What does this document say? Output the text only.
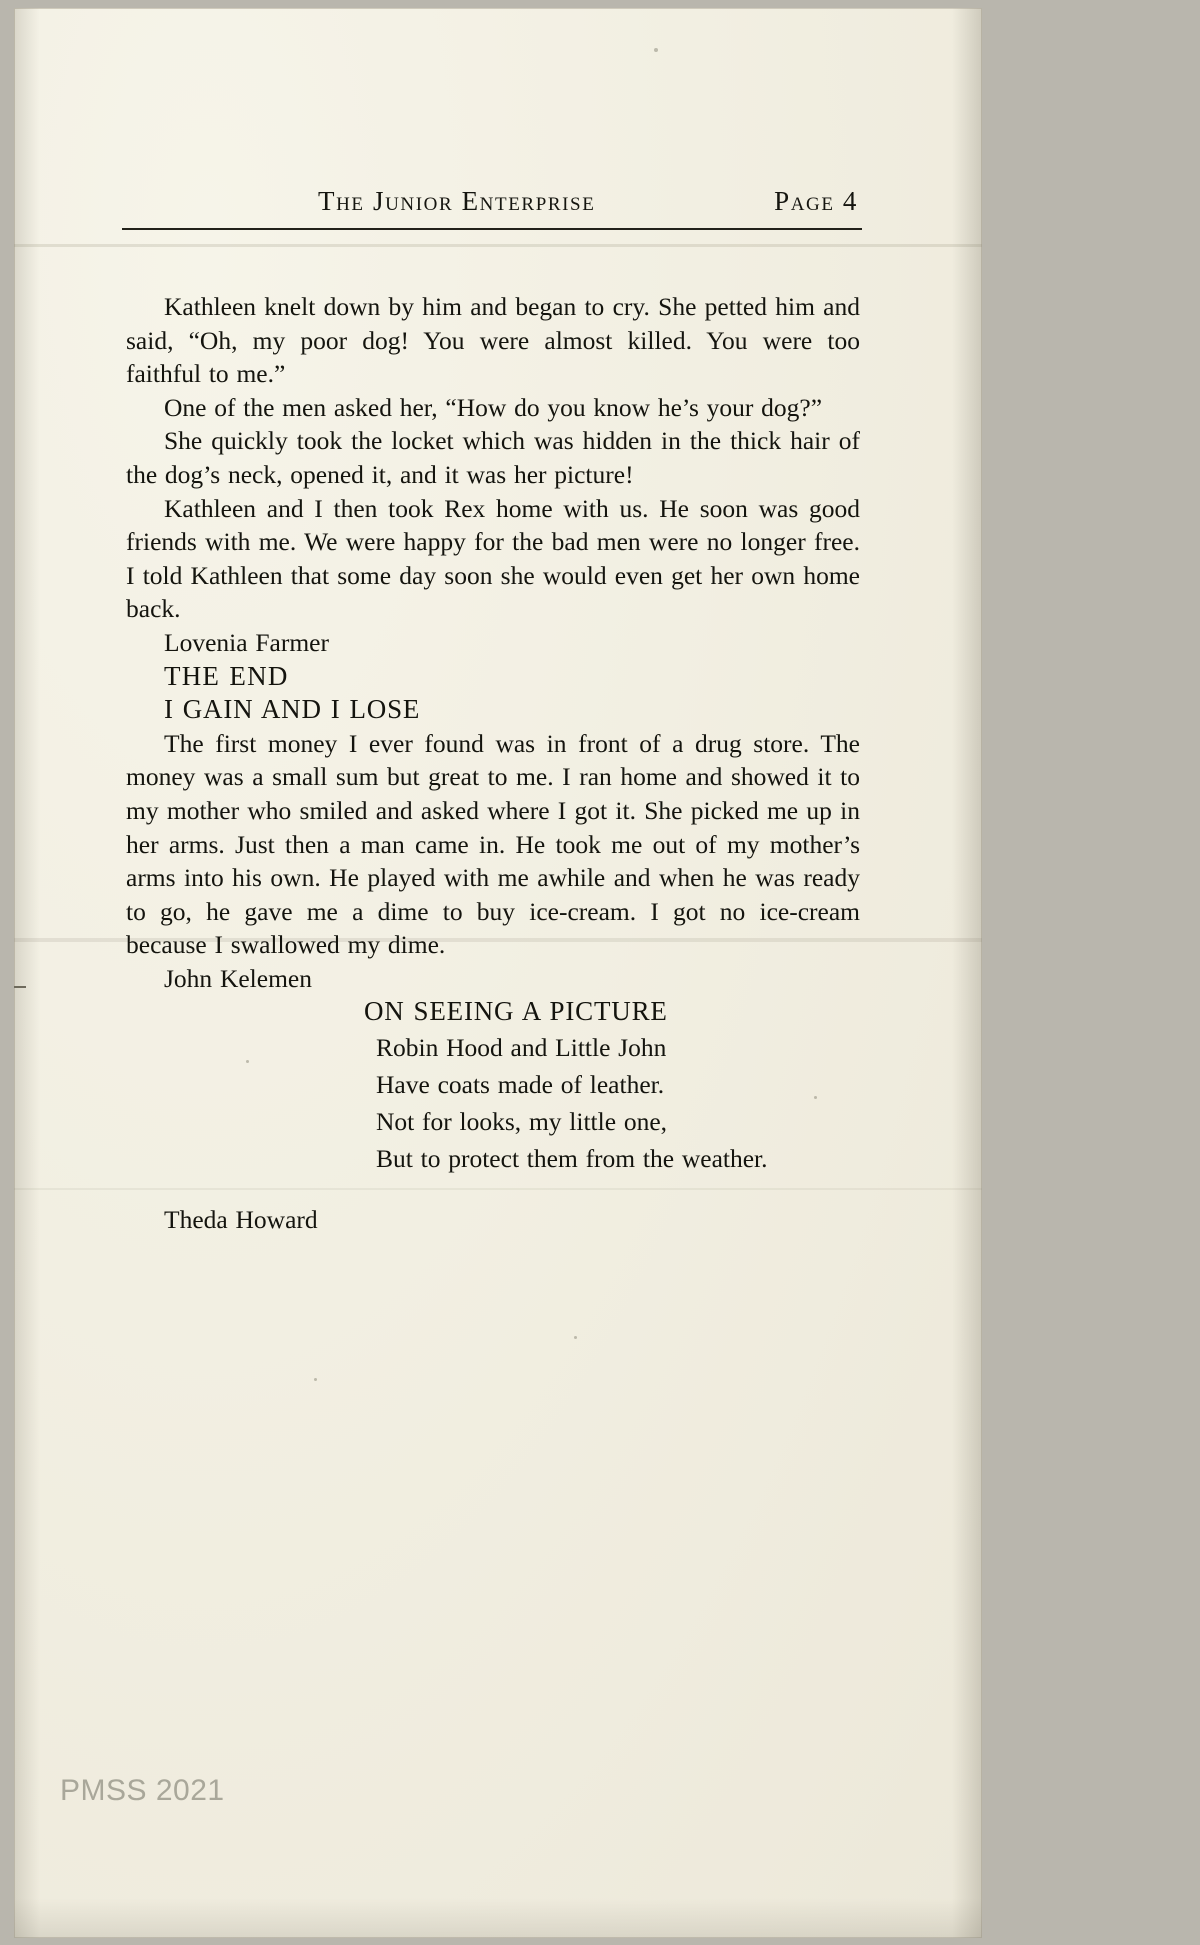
The Junior Enterprise	Page 4

Kathleen knelt down by him and began to cry. She petted him and said, “Oh, my poor dog! You were almost killed. You were too faithful to me.”

One of the men asked her, “How do you know he’s your dog?”

She quickly took the locket which was hidden in the thick hair of the dog’s neck, opened it, and it was her picture!

Kathleen and I then took Rex home with us. He soon was good friends with me. We were happy for the bad men were no longer free. I told Kathleen that some day soon she would even get her own home back.

Lovenia Farmer

THE END

I GAIN AND I LOSE

The first money I ever found was in front of a drug store. The money was a small sum but great to me. I ran home and showed it to my mother who smiled and asked where I got it. She picked me up in her arms. Just then a man came in. He took me out of my mother’s arms into his own. He played with me awhile and when he was ready to go, he gave me a dime to buy ice-cream. I got no ice-cream because I swallowed my dime.

John Kelemen

ON SEEING A PICTURE

Robin Hood and Little John
Have coats made of leather.
Not for looks, my little one,
But to protect them from the weather.

Theda Howard

PMSS 2021
